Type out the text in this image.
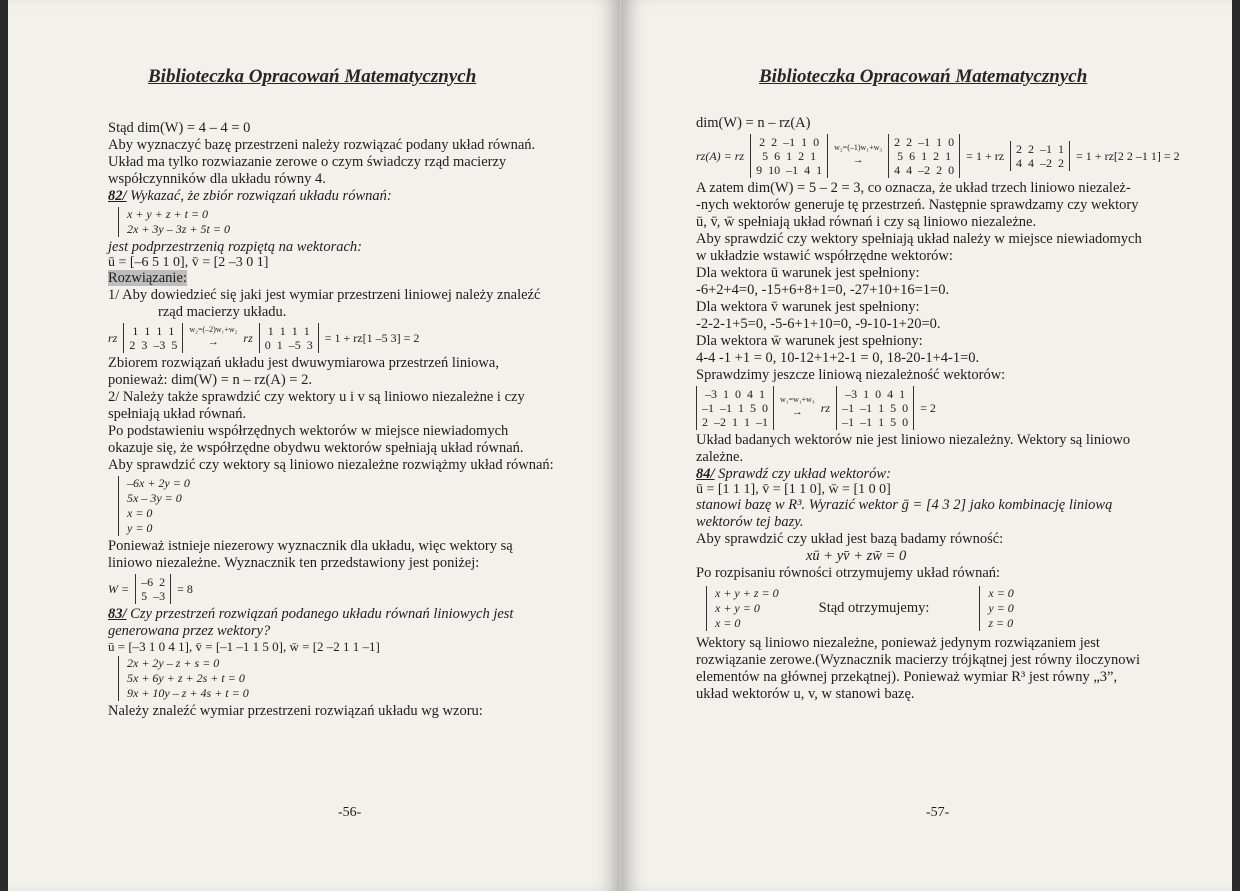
Biblioteczka Opracowań Matematycznych
Stąd dim(W) = 4 – 4 = 0
Aby wyznaczyć bazę przestrzeni należy rozwiązać podany układ równań.
Układ ma tylko rozwiazanie zerowe o czym świadczy rząd macierzy
współczynników dla układu równy 4.
82/ Wykazać, że zbiór rozwiązań układu równań:
x + y + z + t = 0
2x + 3y – 3z + 5t = 0
jest podprzestrzenią rozpiętą na wektorach:
ū = [–6 5 1 0], v̄ = [2 –3 0 1]
Rozwiązanie:
1/ Aby dowiedzieć się jaki jest wymiar przestrzeni liniowej należy znaleźć
rząd macierzy układu.
rz	1  1  1  1
2  3  –3  5
w₂=(–2)w₁+w₂
→	rz	1  1  1  1
0  1  –5  3	= 1 + rz[1 –5 3] = 2
Zbiorem rozwiązań układu jest dwuwymiarowa przestrzeń liniowa,
ponieważ: dim(W) = n – rz(A) = 2.
2/ Należy także sprawdzić czy wektory u i v są liniowo niezależne i czy
spełniają układ równań.
Po podstawieniu współrzędnych wektorów w miejsce niewiadomych
okazuje się, że współrzędne obydwu wektorów spełniają układ równań.
Aby sprawdzić czy wektory są liniowo niezależne rozwiążmy układ równań:
–6x + 2y = 0
5x – 3y = 0
x = 0
y = 0
Ponieważ istnieje niezerowy wyznacznik dla układu, więc wektory są
liniowo niezależne. Wyznacznik ten przedstawiony jest poniżej:
W =	–6  2
5  –3	= 8
83/ Czy przestrzeń rozwiązań podanego układu równań liniowych jest
generowana przez wektory?
ū = [–3 1 0 4 1], v̄ = [–1 –1 1 5 0], w̄ = [2 –2 1 1 –1]
2x + 2y – z + s = 0
5x + 6y + z + 2s + t = 0
9x + 10y – z + 4s + t = 0
Należy znaleźć wymiar przestrzeni rozwiązań układu wg wzoru:
-56-
Biblioteczka Opracowań Matematycznych
dim(W) = n – rz(A)
rz(A) = rz
2  2  –1  1  0
5  6  1  2  1
9  10  –1  4  1
w₂=(–1)w₁+w₃
→
2  2  –1  1  0
5  6  1  2  1
4  4  –2  2  0
= 1 + rz	2  2  –1  1
4  4  –2  2	= 1 + rz[2 2 –1 1] = 2
A zatem dim(W) = 5 – 2 = 3, co oznacza, że układ trzech liniowo niezależ-
-nych wektorów generuje tę przestrzeń. Następnie sprawdzamy czy wektory
ū, v̄, w̄ spełniają układ równań i czy są liniowo niezależne.
Aby sprawdzić czy wektory spełniają układ należy w miejsce niewiadomych
w układzie wstawić współrzędne wektorów:
Dla wektora ū warunek jest spełniony:
-6+2+4=0, -15+6+8+1=0, -27+10+16=1=0.
Dla wektora v̄ warunek jest spełniony:
-2-2-1+5=0, -5-6+1+10=0, -9-10-1+20=0.
Dla wektora w̄ warunek jest spełniony:
4-4 -1 +1 = 0, 10-12+1+2-1 = 0, 18-20-1+4-1=0.
Sprawdzimy jeszcze liniową niezależność wektorów:
–3  1  0  4  1
–1  –1  1  5  0
2  –2  1  1  –1
w₁=w₁+w₃
→	rz
–3  1  0  4  1
–1  –1  1  5  0
–1  –1  1  5  0
= 2
Układ badanych wektorów nie jest liniowo niezależny. Wektory są liniowo
zależne.
84/ Sprawdź czy układ wektorów:
ū = [1 1 1], v̄ = [1 1 0], w̄ = [1 0 0]
stanowi bazę w R³. Wyrazić wektor ḡ = [4 3 2] jako kombinację liniową
wektorów tej bazy.
Aby sprawdzić czy układ jest bazą badamy równość:
xū + yv̄ + zw̄ = 0
Po rozpisaniu równości otrzymujemy układ równań:
x + y + z = 0
x + y = 0
x = 0
Stąd otrzymujemy:
x = 0
y = 0
z = 0
Wektory są liniowo niezależne, ponieważ jedynym rozwiązaniem jest
rozwiązanie zerowe.(Wyznacznik macierzy trójkątnej jest równy iloczynowi
elementów na głównej przekątnej). Ponieważ wymiar R³ jest równy „3”,
układ wektorów u, v, w stanowi bazę.
-57-
